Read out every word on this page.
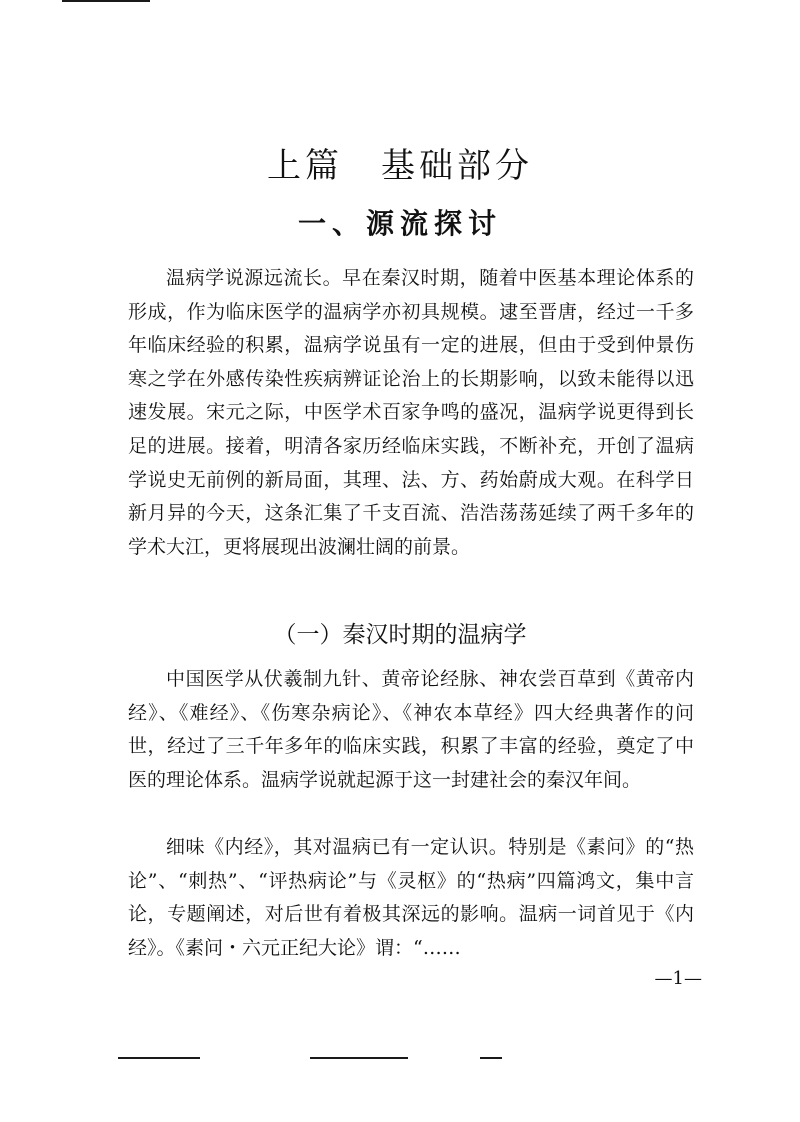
上篇　基础部分
一、源流探讨

温病学说源远流长。早在秦汉时期，随着中医基本理论体系的形成，作为临床医学的温病学亦初具规模。逮至晋唐，经过一千多年临床经验的积累，温病学说虽有一定的进展，但由于受到仲景伤寒之学在外感传染性疾病辨证论治上的长期影响，以致未能得以迅速发展。宋元之际，中医学术百家争鸣的盛况，温病学说更得到长足的进展。接着，明清各家历经临床实践，不断补充，开创了温病学说史无前例的新局面，其理、法、方、药始蔚成大观。在科学日新月异的今天，这条汇集了千支百流、浩浩荡荡延续了两千多年的学术大江，更将展现出波澜壮阔的前景。

（一）秦汉时期的温病学

中国医学从伏羲制九针、黄帝论经脉、神农尝百草到《黄帝内经》、《难经》、《伤寒杂病论》、《神农本草经》四大经典著作的问世，经过了三千年多年的临床实践，积累了丰富的经验，奠定了中医的理论体系。温病学说就起源于这一封建社会的秦汉年间。

细味《内经》，其对温病已有一定认识。特别是《素问》的“热论”、“刺热”、“评热病论”与《灵枢》的“热病”四篇鸿文，集中言论，专题阐述，对后世有着极其深远的影响。温病一词首见于《内经》。《素问・六元正纪大论》谓：“……

—1—
